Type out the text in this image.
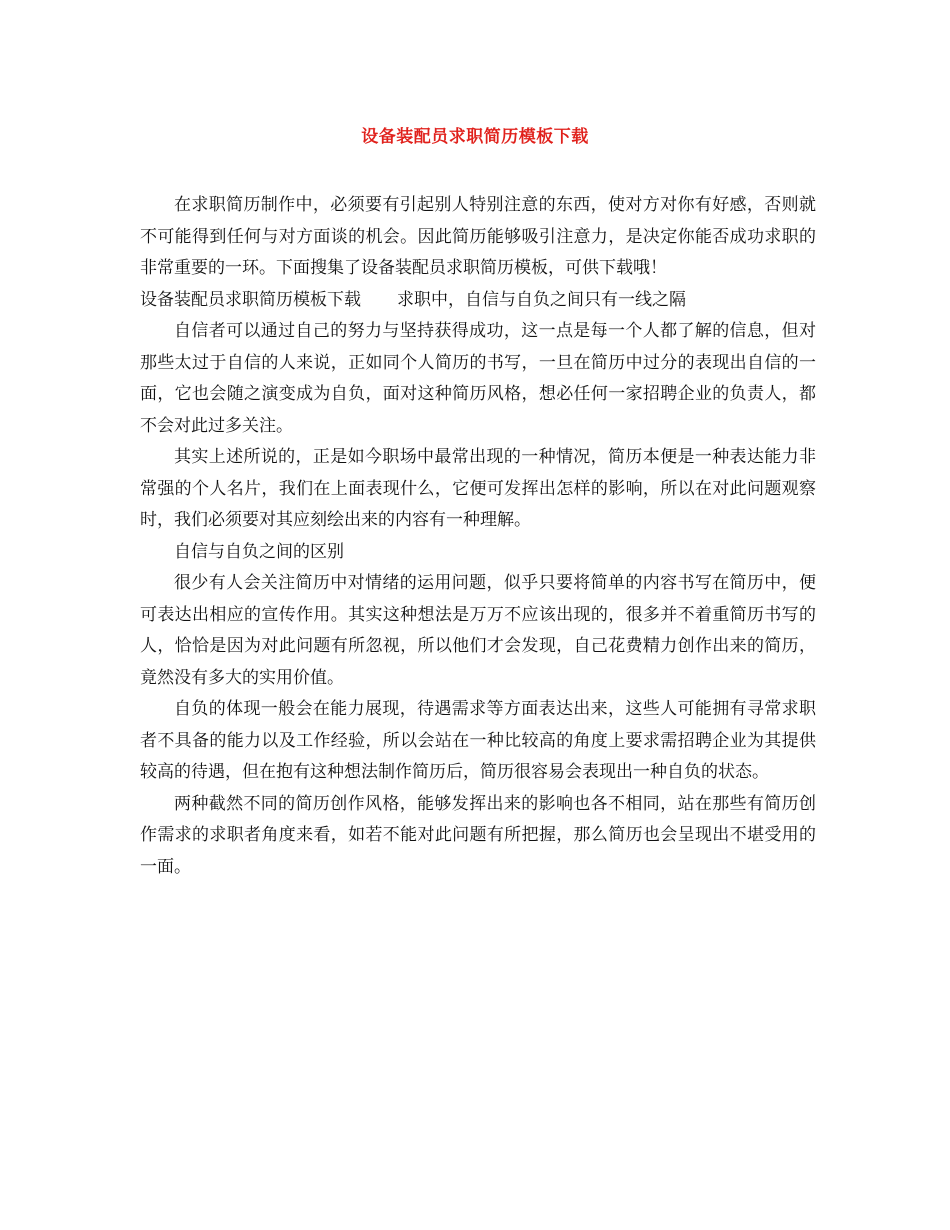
设备装配员求职简历模板下载

在求职简历制作中，必须要有引起别人特别注意的东西，使对方对你有好感，否则就不可能得到任何与对方面谈的机会。因此简历能够吸引注意力，是决定你能否成功求职的非常重要的一环。下面搜集了设备装配员求职简历模板，可供下载哦！

设备装配员求职简历模板下载 求职中，自信与自负之间只有一线之隔

自信者可以通过自己的努力与坚持获得成功，这一点是每一个人都了解的信息，但对那些太过于自信的人来说，正如同个人简历的书写，一旦在简历中过分的表现出自信的一面，它也会随之演变成为自负，面对这种简历风格，想必任何一家招聘企业的负责人，都不会对此过多关注。

其实上述所说的，正是如今职场中最常出现的一种情况，简历本便是一种表达能力非常强的个人名片，我们在上面表现什么，它便可发挥出怎样的影响，所以在对此问题观察时，我们必须要对其应刻绘出来的内容有一种理解。

自信与自负之间的区别

很少有人会关注简历中对情绪的运用问题，似乎只要将简单的内容书写在简历中，便可表达出相应的宣传作用。其实这种想法是万万不应该出现的，很多并不着重简历书写的人，恰恰是因为对此问题有所忽视，所以他们才会发现，自己花费精力创作出来的简历，竟然没有多大的实用价值。

自负的体现一般会在能力展现，待遇需求等方面表达出来，这些人可能拥有寻常求职者不具备的能力以及工作经验，所以会站在一种比较高的角度上要求需招聘企业为其提供较高的待遇，但在抱有这种想法制作简历后，简历很容易会表现出一种自负的状态。

两种截然不同的简历创作风格，能够发挥出来的影响也各不相同，站在那些有简历创作需求的求职者角度来看，如若不能对此问题有所把握，那么简历也会呈现出不堪受用的一面。
